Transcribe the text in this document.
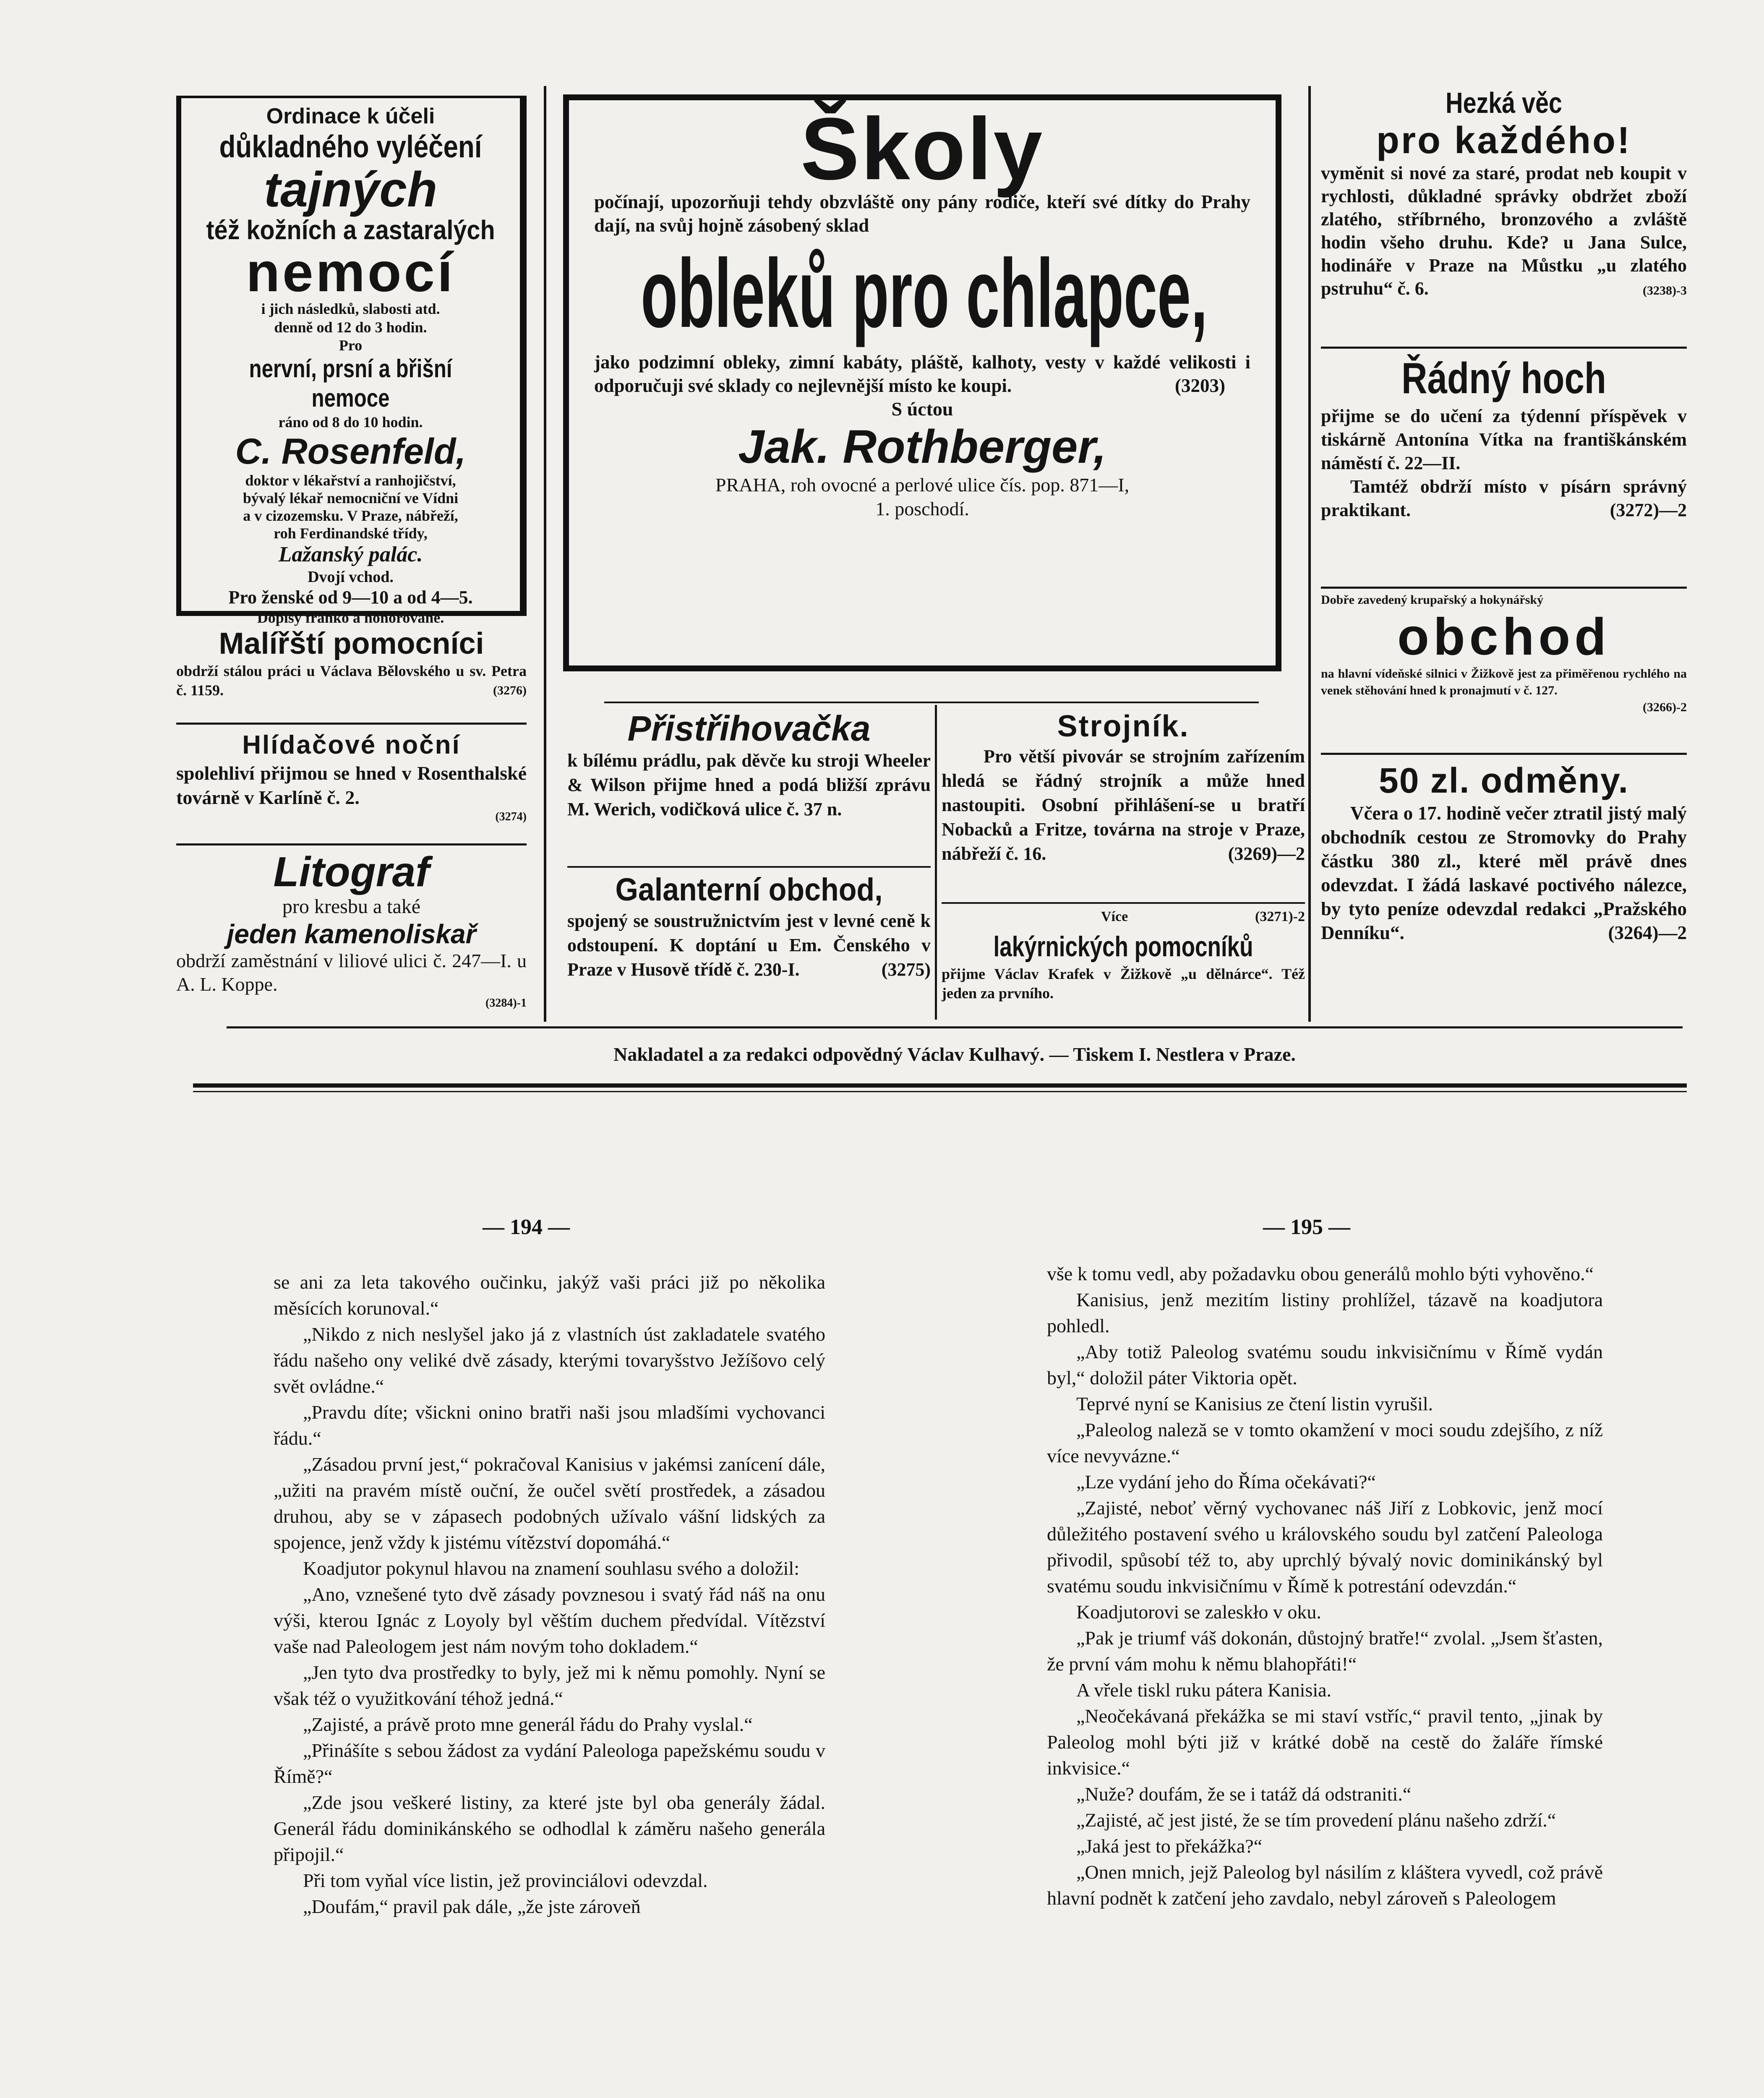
Ordinace k účeli
důkladného vyléčení
tajných
též kožních a zastaralých
nemocí
i jich následků, slabosti atd.
denně od 12 do 3 hodin.
Pro
nervní, prsní a břišní nemoce
ráno od 8 do 10 hodin.
C. Rosenfeld,
doktor v lékařství a ranhojičství,
bývalý lékař nemocniční ve Vídni
a v cizozemsku. V Praze, nábřeží,
roh Ferdinandské třídy,
Lažanský palác.
Dvojí vchod.
Pro ženské od 9—10 a od 4—5.
Dopisy franko a honorované.
Malířští pomocníci
obdrží stálou práci u Václava Bělovského u sv. Petra č. 1159.	(3276)
Hlídačové noční
spolehliví přijmou se hned v Rosenthalské továrně v Karlíně č. 2.
(3274)
Litograf
pro kresbu a také
jeden kamenoliskař
obdrží zaměstnání v liliové ulici č. 247—I. u A. L. Koppe.
(3284)-1
Školy
počínají, upozorňuji tehdy obzvláště ony pány rodiče, kteří své dítky do Prahy dají, na svůj hojně zásobený sklad
obleků pro chlapce,
jako podzimní obleky, zimní kabáty, pláště, kalhoty, vesty v každé velikosti i odporučuji své sklady co nejlevnější místo ke koupi.	(3203)
S úctou
Jak. Rothberger,
PRAHA, roh ovocné a perlové ulice čís. pop. 871—I,
1. poschodí.
Přistřihovačka
k bílému prádlu, pak děvče ku stroji Wheeler & Wilson přijme hned a podá bližší zprávu M. Werich, vodičková ulice č. 37 n.
Galanterní obchod,
spojený se soustružnictvím jest v levné ceně k odstoupení. K doptání u Em. Čenského v Praze v Husově třídě č. 230-I.	(3275)
Strojník.
Pro větší pivovár se strojním zařízením hledá se řádný strojník a může hned nastoupiti. Osobní přihlášení-se u bratří Nobacků a Fritze, továrna na stroje v Praze, nábřeží č. 16.	(3269)—2
Více	(3271)-2
lakýrnických pomocníků
přijme Václav Krafek v Žižkově „u dělnárce“. Též jeden za prvního.
Hezká věc
pro každého!
vyměnit si nové za staré, prodat neb koupit v rychlosti, důkladné správky obdržet zboží zlatého, stříbrného, bronzového a zvláště hodin všeho druhu. Kde? u Jana Sulce, hodináře v Praze na Můstku „u zlatého pstruhu“ č. 6.	(3238)-3
Řádný hoch
přijme se do učení za týdenní příspěvek v tiskárně Antonína Vítka na františkánském náměstí č. 22—II.
Tamtéž obdrží místo v písárn správný praktikant.	(3272)—2
Dobře zavedený krupařský a hokynářský
obchod
na hlavní vídeňské silnici v Žižkově jest za přiměřenou rychlého na venek stěhování hned k pronajmutí v č. 127.
(3266)-2
50 zl. odměny.
Včera o 17. hodině večer ztratil jistý malý obchodník cestou ze Stromovky do Prahy částku 380 zl., které měl právě dnes odevzdat. I žádá laskavé poctivého nálezce, by tyto peníze odevzdal redakci „Pražského Denníku“.	(3264)—2
Nakladatel a za redakci odpovědný Václav Kulhavý. — Tiskem I. Nestlera v Praze.
— 194 —	— 195 —

se ani za leta takového oučinku, jakýž vaši práci již po několika měsících korunoval.“

„Nikdo z nich neslyšel jako já z vlastních úst zakladatele svatého řádu našeho ony veliké dvě zásady, kterými tovaryšstvo Ježíšovo celý svět ovládne.“

„Pravdu díte; všickni onino bratři naši jsou mladšími vychovanci řádu.“

„Zásadou první jest,“ pokračoval Kanisius v jakémsi zanícení dále, „užiti na pravém místě ouční, že oučel světí prostředek, a zásadou druhou, aby se v zápasech podobných užívalo vášní lidských za spojence, jenž vždy k jistému vítězství dopomáhá.“

Koadjutor pokynul hlavou na znamení souhlasu svého a doložil:

„Ano, vznešené tyto dvě zásady povznesou i svatý řád náš na onu výši, kterou Ignác z Loyoly byl věštím duchem předvídal. Vítězství vaše nad Paleologem jest nám novým toho dokladem.“

„Jen tyto dva prostředky to byly, jež mi k němu pomohly. Nyní se však též o využitkování téhož jedná.“

„Zajisté, a právě proto mne generál řádu do Prahy vyslal.“

„Přinášíte s sebou žádost za vydání Paleologa papežskému soudu v Římě?“

„Zde jsou veškeré listiny, za které jste byl oba generály žádal. Generál řádu dominikánského se odhodlal k záměru našeho generála připojil.“

Při tom vyňal více listin, jež provinciálovi odevzdal.

„Doufám,“ pravil pak dále, „že jste zároveň

vše k tomu vedl, aby požadavku obou generálů mohlo býti vyhověno.“

Kanisius, jenž mezitím listiny prohlížel, tázavě na koadjutora pohledl.

„Aby totiž Paleolog svatému soudu inkvisičnímu v Římě vydán byl,“ doložil páter Viktoria opět.

Teprvé nyní se Kanisius ze čtení listin vyrušil.

„Paleolog naleză se v tomto okamžení v moci soudu zdejšího, z níž více nevyvázne.“

„Lze vydání jeho do Říma očekávati?“

„Zajisté, neboť věrný vychovanec náš Jiří z Lobkovic, jenž mocí důležitého postavení svého u královského soudu byl zatčení Paleologa přivodil, spůsobí též to, aby uprchlý bývalý novic dominikánský byl svatému soudu inkvisičnímu v Římě k potrestání odevzdán.“

Koadjutorovi se zaleskło v oku.

„Pak je triumf váš dokonán, důstojný bratře!“ zvolal. „Jsem šťasten, že první vám mohu k němu blahopřáti!“

A vřele tiskl ruku pátera Kanisia.

„Neočekávaná překážka se mi staví vstříc,“ pravil tento, „jinak by Paleolog mohl býti již v krátké době na cestě do žaláře římské inkvisice.“

„Nuže? doufám, že se i tatáž dá odstraniti.“

„Zajisté, ač jest jisté, že se tím provedení plánu našeho zdrží.“

„Jaká jest to překážka?“

„Onen mnich, jejž Paleolog byl násilím z kláštera vyvedl, což právě hlavní podnět k zatčení jeho zavdalo, nebyl zároveň s Paleologem
